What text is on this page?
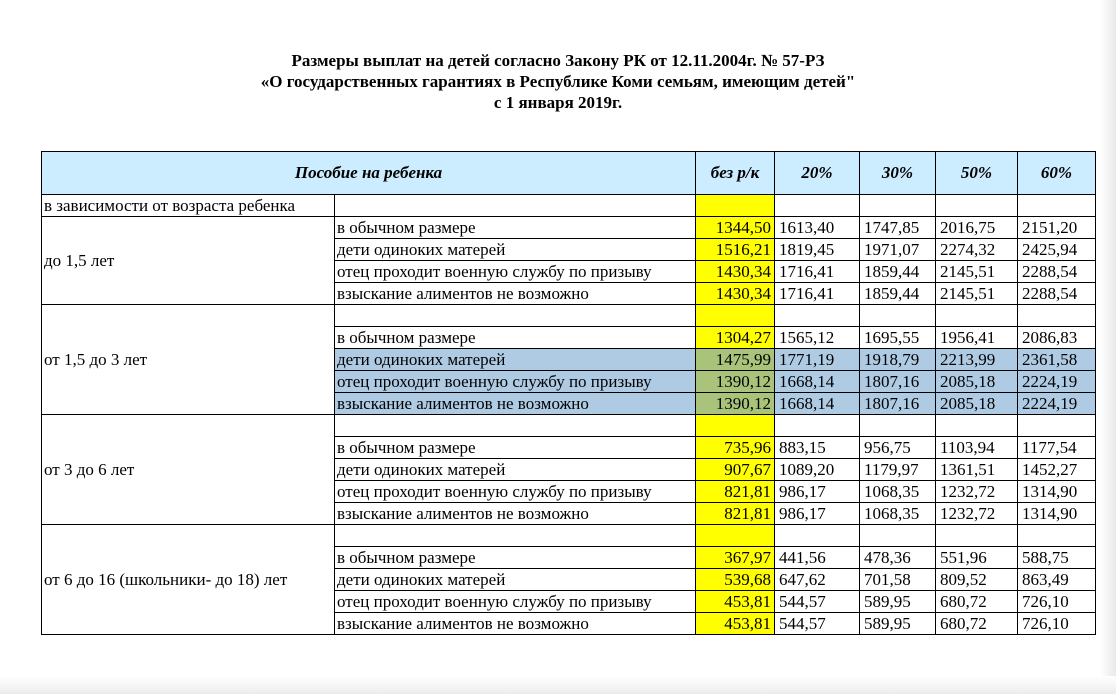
Размеры выплат на детей согласно Закону РК от 12.11.2004г. № 57-РЗ
«О государственных гарантиях в Республике Коми семьям, имеющим детей"
с 1 января 2019г.
Пособие на ребенка		без р/к	20%	30%	50%	60%
в зависимости от возраста ребенка						
до 1,5 лет	в обычном размере	1344,50	1613,40	1747,85	2016,75	2151,20
	дети одиноких матерей	1516,21	1819,45	1971,07	2274,32	2425,94
	отец проходит военную службу по призыву	1430,34	1716,41	1859,44	2145,51	2288,54
	взыскание алиментов не возможно	1430,34	1716,41	1859,44	2145,51	2288,54
от 1,5 до 3 лет						
	в обычном размере	1304,27	1565,12	1695,55	1956,41	2086,83
	дети одиноких матерей	1475,99	1771,19	1918,79	2213,99	2361,58
	отец проходит военную службу по призыву	1390,12	1668,14	1807,16	2085,18	2224,19
	взыскание алиментов не возможно	1390,12	1668,14	1807,16	2085,18	2224,19
от 3 до 6 лет						
	в обычном размере	735,96	883,15	956,75	1103,94	1177,54
	дети одиноких матерей	907,67	1089,20	1179,97	1361,51	1452,27
	отец проходит военную службу по призыву	821,81	986,17	1068,35	1232,72	1314,90
	взыскание алиментов не возможно	821,81	986,17	1068,35	1232,72	1314,90
от 6 до 16 (школьники- до 18) лет						
	в обычном размере	367,97	441,56	478,36	551,96	588,75
	дети одиноких матерей	539,68	647,62	701,58	809,52	863,49
	отец проходит военную службу по призыву	453,81	544,57	589,95	680,72	726,10
	взыскание алиментов не возможно	453,81	544,57	589,95	680,72	726,10
